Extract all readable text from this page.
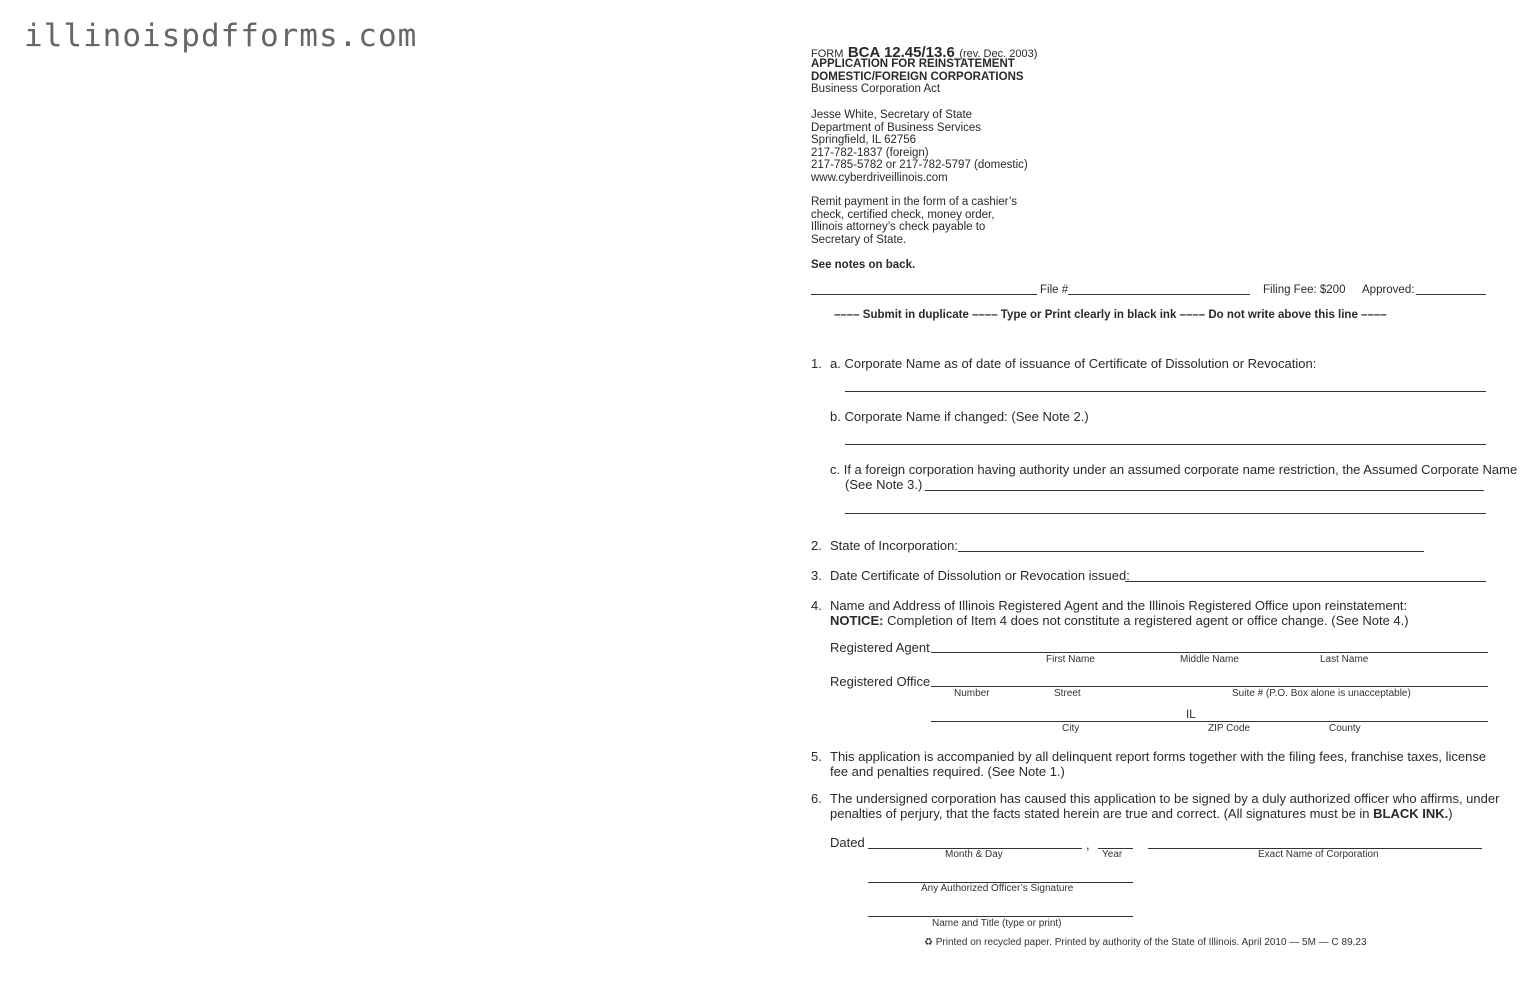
illinoispdfforms.com	FORM BCA 12.45/13.6 (rev. Dec. 2003)
APPLICATION FOR REINSTATEMENT
DOMESTIC/FOREIGN CORPORATIONS
Business Corporation Act
Jesse White, Secretary of State
Department of Business Services
Springfield, IL 62756
217-782-1837 (foreign)
217-785-5782 or 217-782-5797 (domestic)
www.cyberdriveillinois.com
Remit payment in the form of a cashier’s
check, certified check, money order,
Illinois attorney’s check payable to
Secretary of State.
See notes on back.
File #	Filing Fee: $200 Approved:
–––– Submit in duplicate –––– Type or Print clearly in black ink –––– Do not write above this line ––––
1. a. Corporate Name as of date of issuance of Certificate of Dissolution or Revocation:
b. Corporate Name if changed: (See Note 2.)
c. If a foreign corporation having authority under an assumed corporate name restriction, the Assumed Corporate Name
(See Note 3.)
2. State of Incorporation:
3. Date Certificate of Dissolution or Revocation issued:
4. Name and Address of Illinois Registered Agent and the Illinois Registered Office upon reinstatement:
NOTICE: Completion of Item 4 does not constitute a registered agent or office change. (See Note 4.)
Registered Agent
First Name	Middle Name	Last Name
Registered Office
Number	Street	Suite # (P.O. Box alone is unacceptable)
IL
City	ZIP Code	County
5. This application is accompanied by all delinquent report forms together with the filing fees, franchise taxes, license
fee and penalties required. (See Note 1.)
6. The undersigned corporation has caused this application to be signed by a duly authorized officer who affirms, under
penalties of perjury, that the facts stated herein are true and correct. (All signatures must be in BLACK INK.)
Dated	,
Month & Day	Year	Exact Name of Corporation
Any Authorized Officer’s Signature
Name and Title (type or print)
♻ Printed on recycled paper. Printed by authority of the State of Illinois. April 2010 — 5M — C 89.23
